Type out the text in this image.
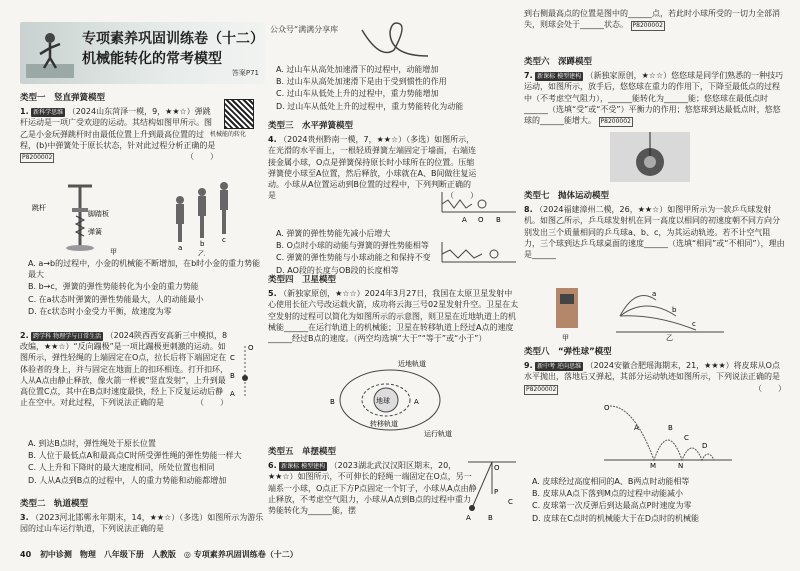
专项素养巩固训练卷（十二）
机械能转化的常考模型
答案P71
公众号“满满分享库
类型一　竖直弹簧模型
1. 新科学思维 （2024山东菏泽一模，9，★★☆）弹跳杆运动是一项广受欢迎的运动。其结构如图甲所示。图乙是小金玩弹跳杆时由最低位置上升到最高位置的过程，(b)中弹簧处于原长状态，针对此过程分析正确的是 P8200002	（　　）
机械能的转化
跳杆
脚踏板
弹簧
甲	a	b	c
乙
A. a→b的过程中，小金的机械能不断增加，在b时小金的重力势能最大
B. b→c，弹簧的弹性势能转化为小金的重力势能
C. 在a状态时弹簧的弹性势能最大，人的动能最小
D. 在c状态时小金受力平衡，故速度为零
2. 跨学科 物理学与日常生活 （2024陕西西安高新三中模拟，8改编，★★☆）“反向蹦极”是一项比蹦极更刺激的运动。如图所示，弹性轻绳的上端固定在O点，拉长后将下端固定在体验者的身上，并与固定在地面上的扣环相连。打开扣环，人从A点由静止释放，像火箭一样被“竖直发射”，上升到最高位置C点，其中在B点时速度最快，经上下反复运动后静止在空中。对此过程，下列说法正确的是	（　　）
O
C
B
A
A. 到达B点时，弹性绳处于原长位置
B. 人位于最低点A和最高点C时所受弹性绳的弹性势能一样大
C. 人上升和下降时的最大速度相同，所处位置也相同
D. 人从A点到B点的过程中，人的重力势能和动能都增加
类型二　轨道模型
3. （2023河北邯郸永年期末，14，★★☆）（多选）如图所示为游乐园的过山车运行轨道，下列说法正确的是
A. 过山车从高处加速滑下的过程中，动能增加
B. 过山车从高处加速滑下是由于受到惯性的作用
C. 过山车从低处上升的过程中，重力势能增加
D. 过山车从低处上升的过程中，重力势能转化为动能
类型三　水平弹簧模型
4. （2024贵州黔南一模，7，★★☆）（多选）如图所示，在光滑的水平面上，一根轻质弹簧左端固定于墙面，右端连接金属小球，O点是弹簧保持原长时小球所在的位置。压缩弹簧使小球至A位置，然后释放，小球就在A、B间做往复运动。小球从A位置运动到B位置的过程中，下列判断正确的是	（　　）
A O B
A. 弹簧的弹性势能先减小后增大
B. O点时小球的动能与弹簧的弹性势能相等
C. 弹簧的弹性势能与小球动能之和保持不变
D. AO段的长度与OB段的长度相等
类型四　卫星模型
5. （新独家原创，★☆☆）2024年3月27日，我国在太原卫星发射中心使用长征六号改运载火箭，成功将云海三号02星发射升空。卫星在太空发射的过程可以简化为如图所示的示意图，则卫星在近地轨道上的机械能______在运行轨道上的机械能；卫星在转移轨道上经过A点的速度______经过B点的速度。（两空均选填“大于”“等于”或“小于”）
近地轨道
B	地球	A
转移轨道
运行轨道
类型五　单摆模型
6. 新课标 模型建构 （2023湖北武汉汉阳区期末，20，★★☆）如图所示，不可伸长的轻绳一端固定在O点，另一端系一小球，O点正下方P点固定一个钉子，小球从A点由静止释放，不考虑空气阻力，小球从A点到B点的过程中重力势能转化为______能，摆
O
P
A B
C
到右侧最高点的位置是图中的______点，若此时小球所受的一切力全部消失，则球会处于______状态。 P8200002
类型六　深蹲模型
7. 新课标 模型建构 （新独家原创，★☆☆）悠悠球是同学们熟悉的一种技巧运动，如图所示，放手后，悠悠球在重力的作用下，下降至最低点的过程中（不考虑空气阻力），______能转化为______能；悠悠球在最低点时______（选填“受”或“不受”）平衡力的作用；悠悠球到达最低点时，悠悠球的______能增大。 P8200002
类型七　抛体运动模型
8. （2024福建漳州二模，26，★★☆）如图甲所示为一款乒乓球发射机。如图乙所示，乒乓球发射机在同一高度以相同的初速度朝不同方向分别发出三个质量相同的乒乓球a、b、c，为其运动轨迹。若不计空气阻力，三个球到达乒乓球桌面的速度______（选填“相同”或“不相同”），理由是______
甲	乙
a
b
c
类型八　“弹性球”模型
9. 新中考 逆向思维 （2024安徽合肥瑶海期末，21，★★★）将皮球从O点水平抛出，落地后又弹起，其部分运动轨迹如图所示，下列说法正确的是 P8200002	（　　）
O
A	B
M
C
D
N
A. 皮球经过高度相同的A、B两点时动能相等
B. 皮球从A点下落到M点的过程中动能减小
C. 皮球第一次反弹后到达最高点P时速度为零
D. 皮球在C点时的机械能大于在D点时的机械能
40 初中诊测　物理　八年级下册　人教版　◎ 专项素养巩固训练卷（十二）
